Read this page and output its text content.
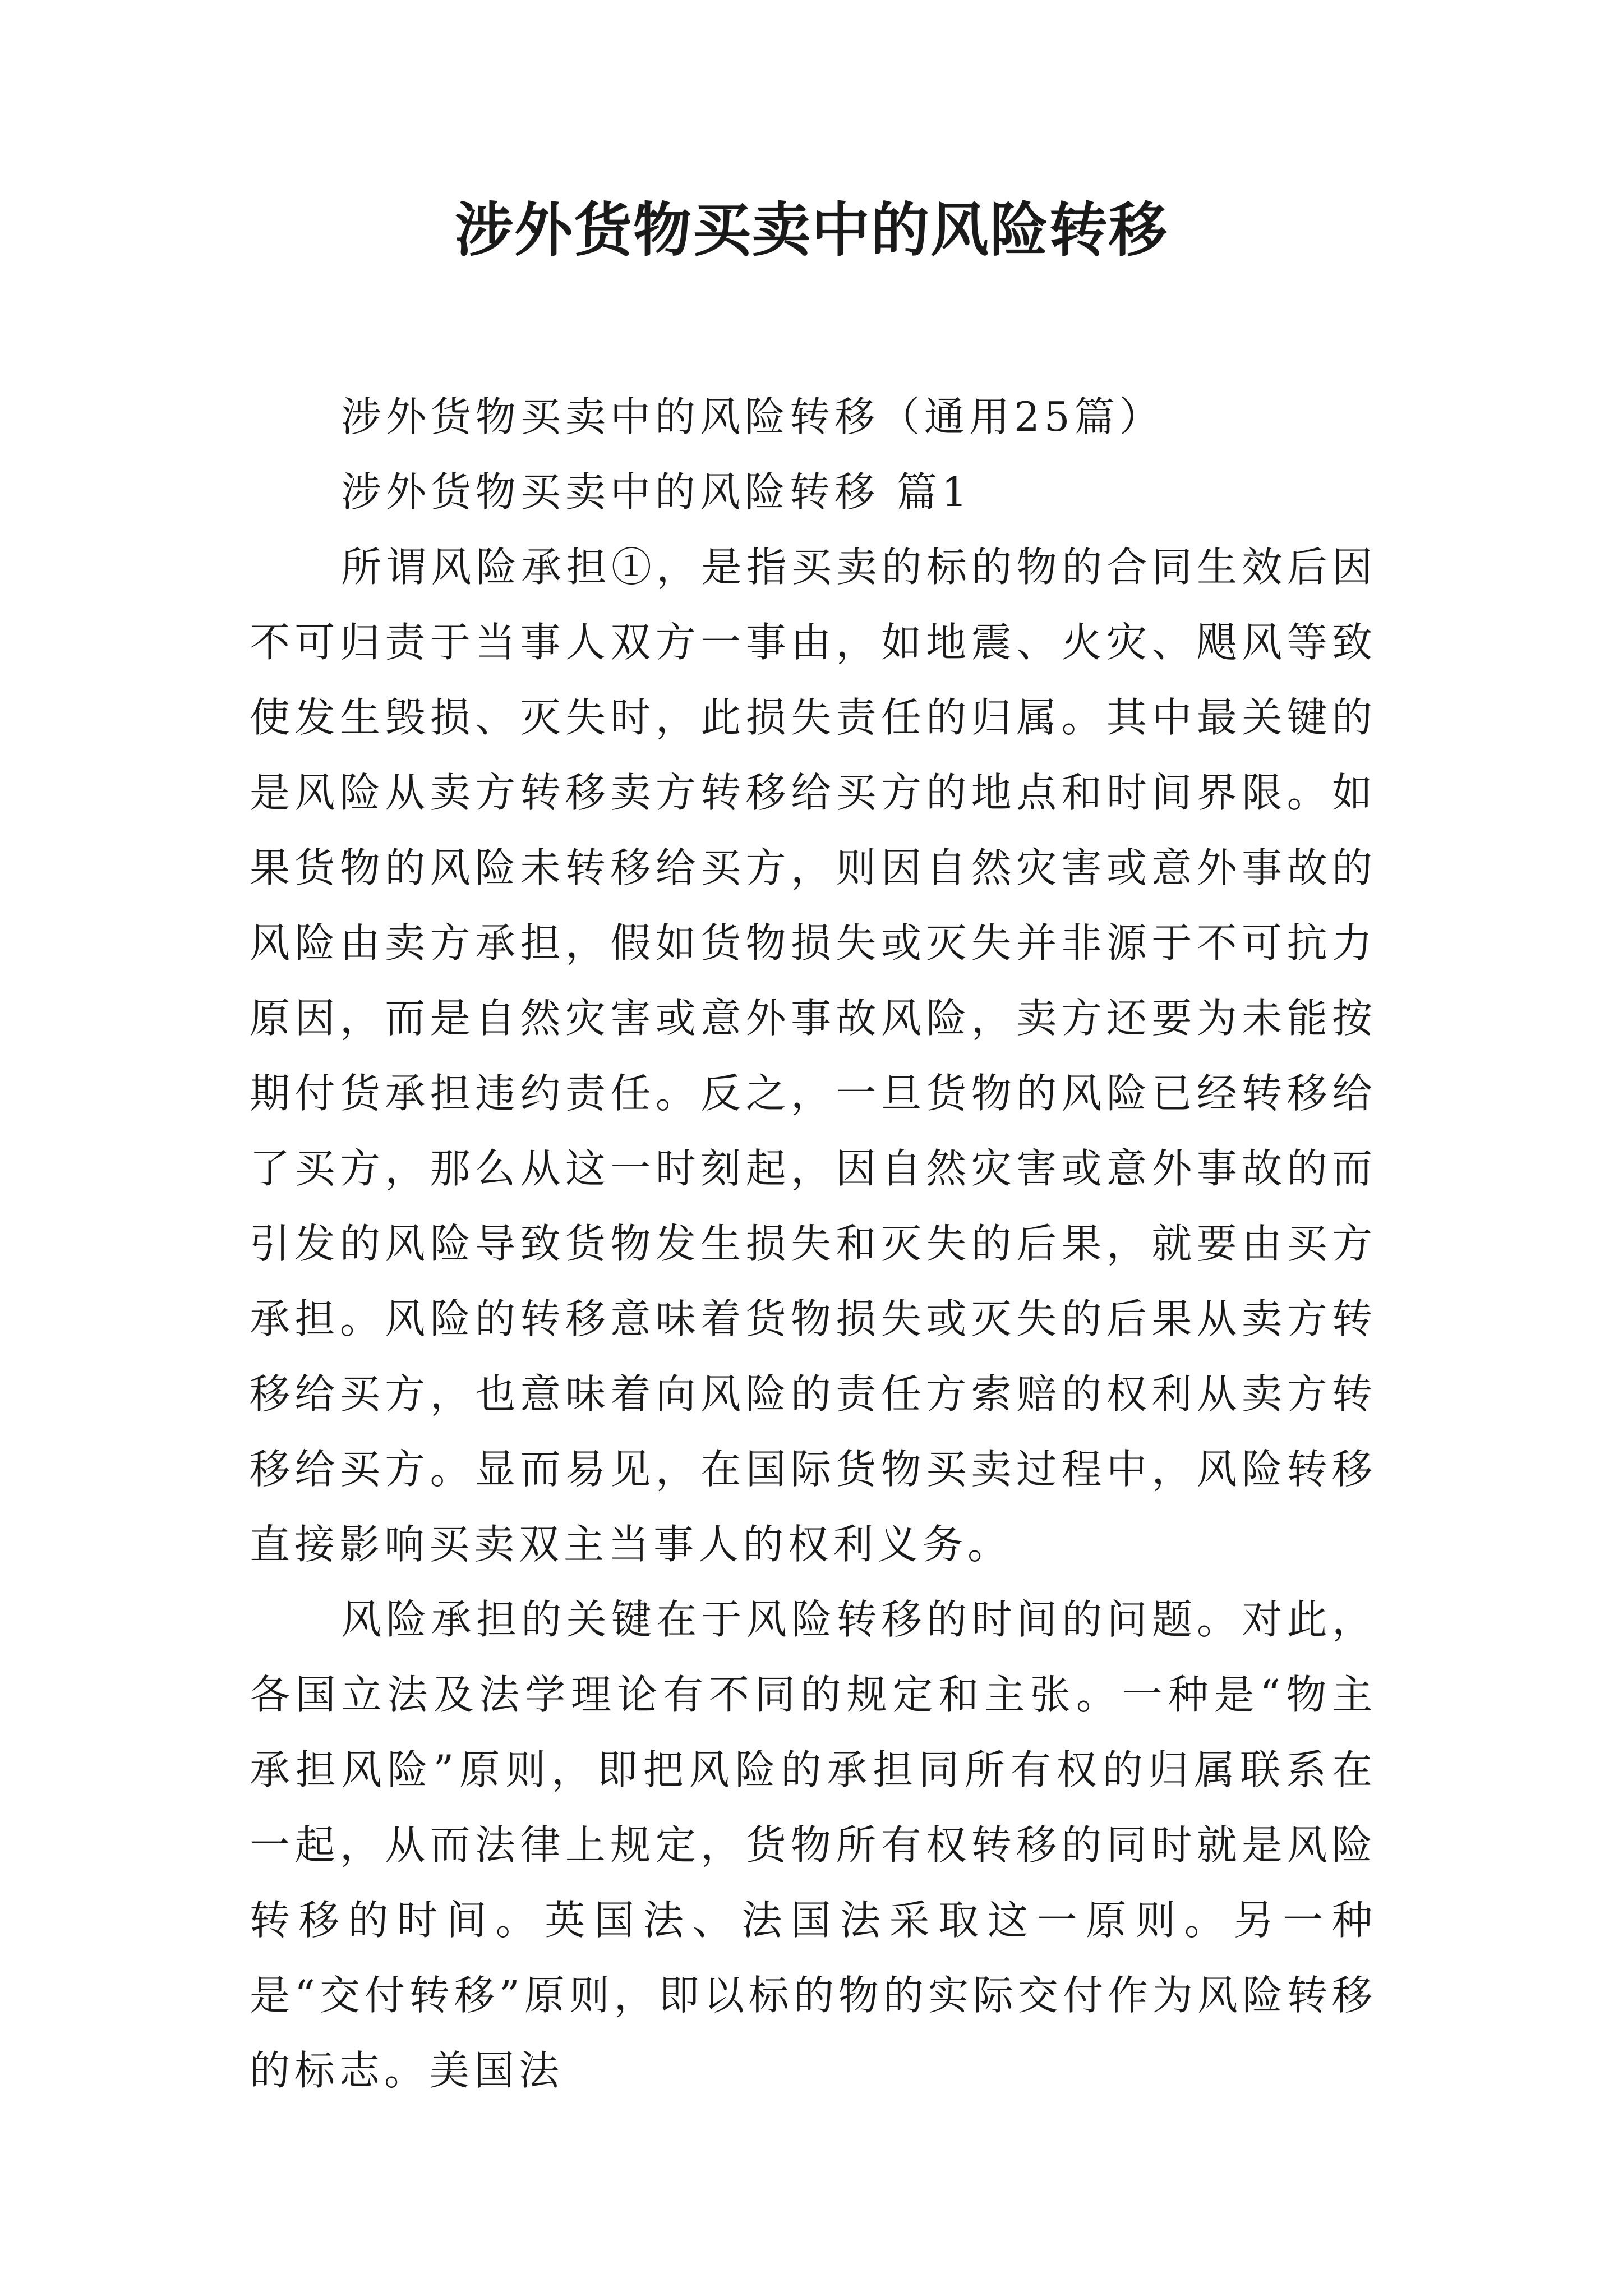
涉外货物买卖中的风险转移

涉外货物买卖中的风险转移（通用25篇）

涉外货物买卖中的风险转移 篇1

所谓风险承担①，是指买卖的标的物的合同生效后因不可归责于当事人双方一事由，如地震、火灾、飓风等致使发生毁损、灭失时，此损失责任的归属。其中最关键的是风险从卖方转移卖方转移给买方的地点和时间界限。如果货物的风险未转移给买方，则因自然灾害或意外事故的风险由卖方承担，假如货物损失或灭失并非源于不可抗力原因，而是自然灾害或意外事故风险，卖方还要为未能按期付货承担违约责任。反之，一旦货物的风险已经转移给了买方，那么从这一时刻起，因自然灾害或意外事故的而引发的风险导致货物发生损失和灭失的后果，就要由买方承担。风险的转移意味着货物损失或灭失的后果从卖方转移给买方，也意味着向风险的责任方索赔的权利从卖方转移给买方。显而易见，在国际货物买卖过程中，风险转移直接影响买卖双主当事人的权利义务。

风险承担的关键在于风险转移的时间的问题。对此，各国立法及法学理论有不同的规定和主张。一种是“物主承担风险”原则，即把风险的承担同所有权的归属联系在一起，从而法律上规定，货物所有权转移的同时就是风险转移的时间。英国法、法国法采取这一原则。另一种是“交付转移”原则，即以标的物的实际交付作为风险转移的标志。美国法
